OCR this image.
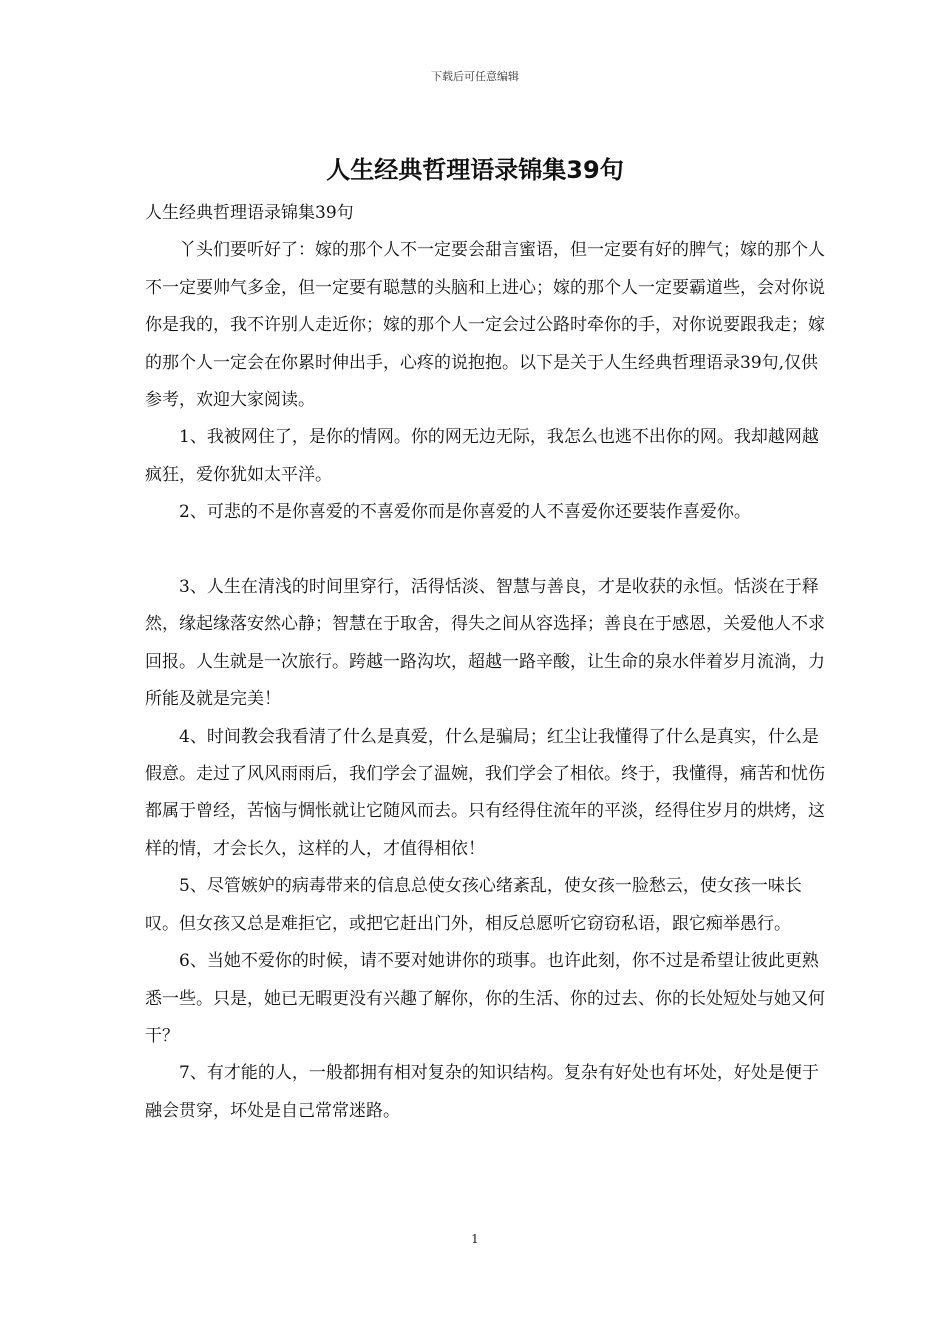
下载后可任意编辑
人生经典哲理语录锦集39句

人生经典哲理语录锦集39句

丫头们要听好了：嫁的那个人不一定要会甜言蜜语，但一定要有好的脾气；嫁的那个人不一定要帅气多金，但一定要有聪慧的头脑和上进心；嫁的那个人一定要霸道些，会对你说你是我的，我不许别人走近你；嫁的那个人一定会过公路时牵你的手，对你说要跟我走；嫁的那个人一定会在你累时伸出手，心疼的说抱抱。以下是关于人生经典哲理语录39句,仅供参考，欢迎大家阅读。

1、我被网住了，是你的情网。你的网无边无际，我怎么也逃不出你的网。我却越网越疯狂，爱你犹如太平洋。

2、可悲的不是你喜爱的不喜爱你而是你喜爱的人不喜爱你还要装作喜爱你。

3、人生在清浅的时间里穿行，活得恬淡、智慧与善良，才是收获的永恒。恬淡在于释然，缘起缘落安然心静；智慧在于取舍，得失之间从容选择；善良在于感恩，关爱他人不求回报。人生就是一次旅行。跨越一路沟坎，超越一路辛酸，让生命的泉水伴着岁月流淌，力所能及就是完美！

4、时间教会我看清了什么是真爱，什么是骗局；红尘让我懂得了什么是真实，什么是假意。走过了风风雨雨后，我们学会了温婉，我们学会了相依。终于，我懂得，痛苦和忧伤都属于曾经，苦恼与惆怅就让它随风而去。只有经得住流年的平淡，经得住岁月的烘烤，这样的情，才会长久，这样的人，才值得相依！

5、尽管嫉妒的病毒带来的信息总使女孩心绪紊乱，使女孩一脸愁云，使女孩一味长叹。但女孩又总是难拒它，或把它赶出门外，相反总愿听它窃窃私语，跟它痴举愚行。

6、当她不爱你的时候，请不要对她讲你的琐事。也许此刻，你不过是希望让彼此更熟悉一些。只是，她已无暇更没有兴趣了解你，你的生活、你的过去、你的长处短处与她又何干？

7、有才能的人，一般都拥有相对复杂的知识结构。复杂有好处也有坏处，好处是便于融会贯穿，坏处是自己常常迷路。

1
